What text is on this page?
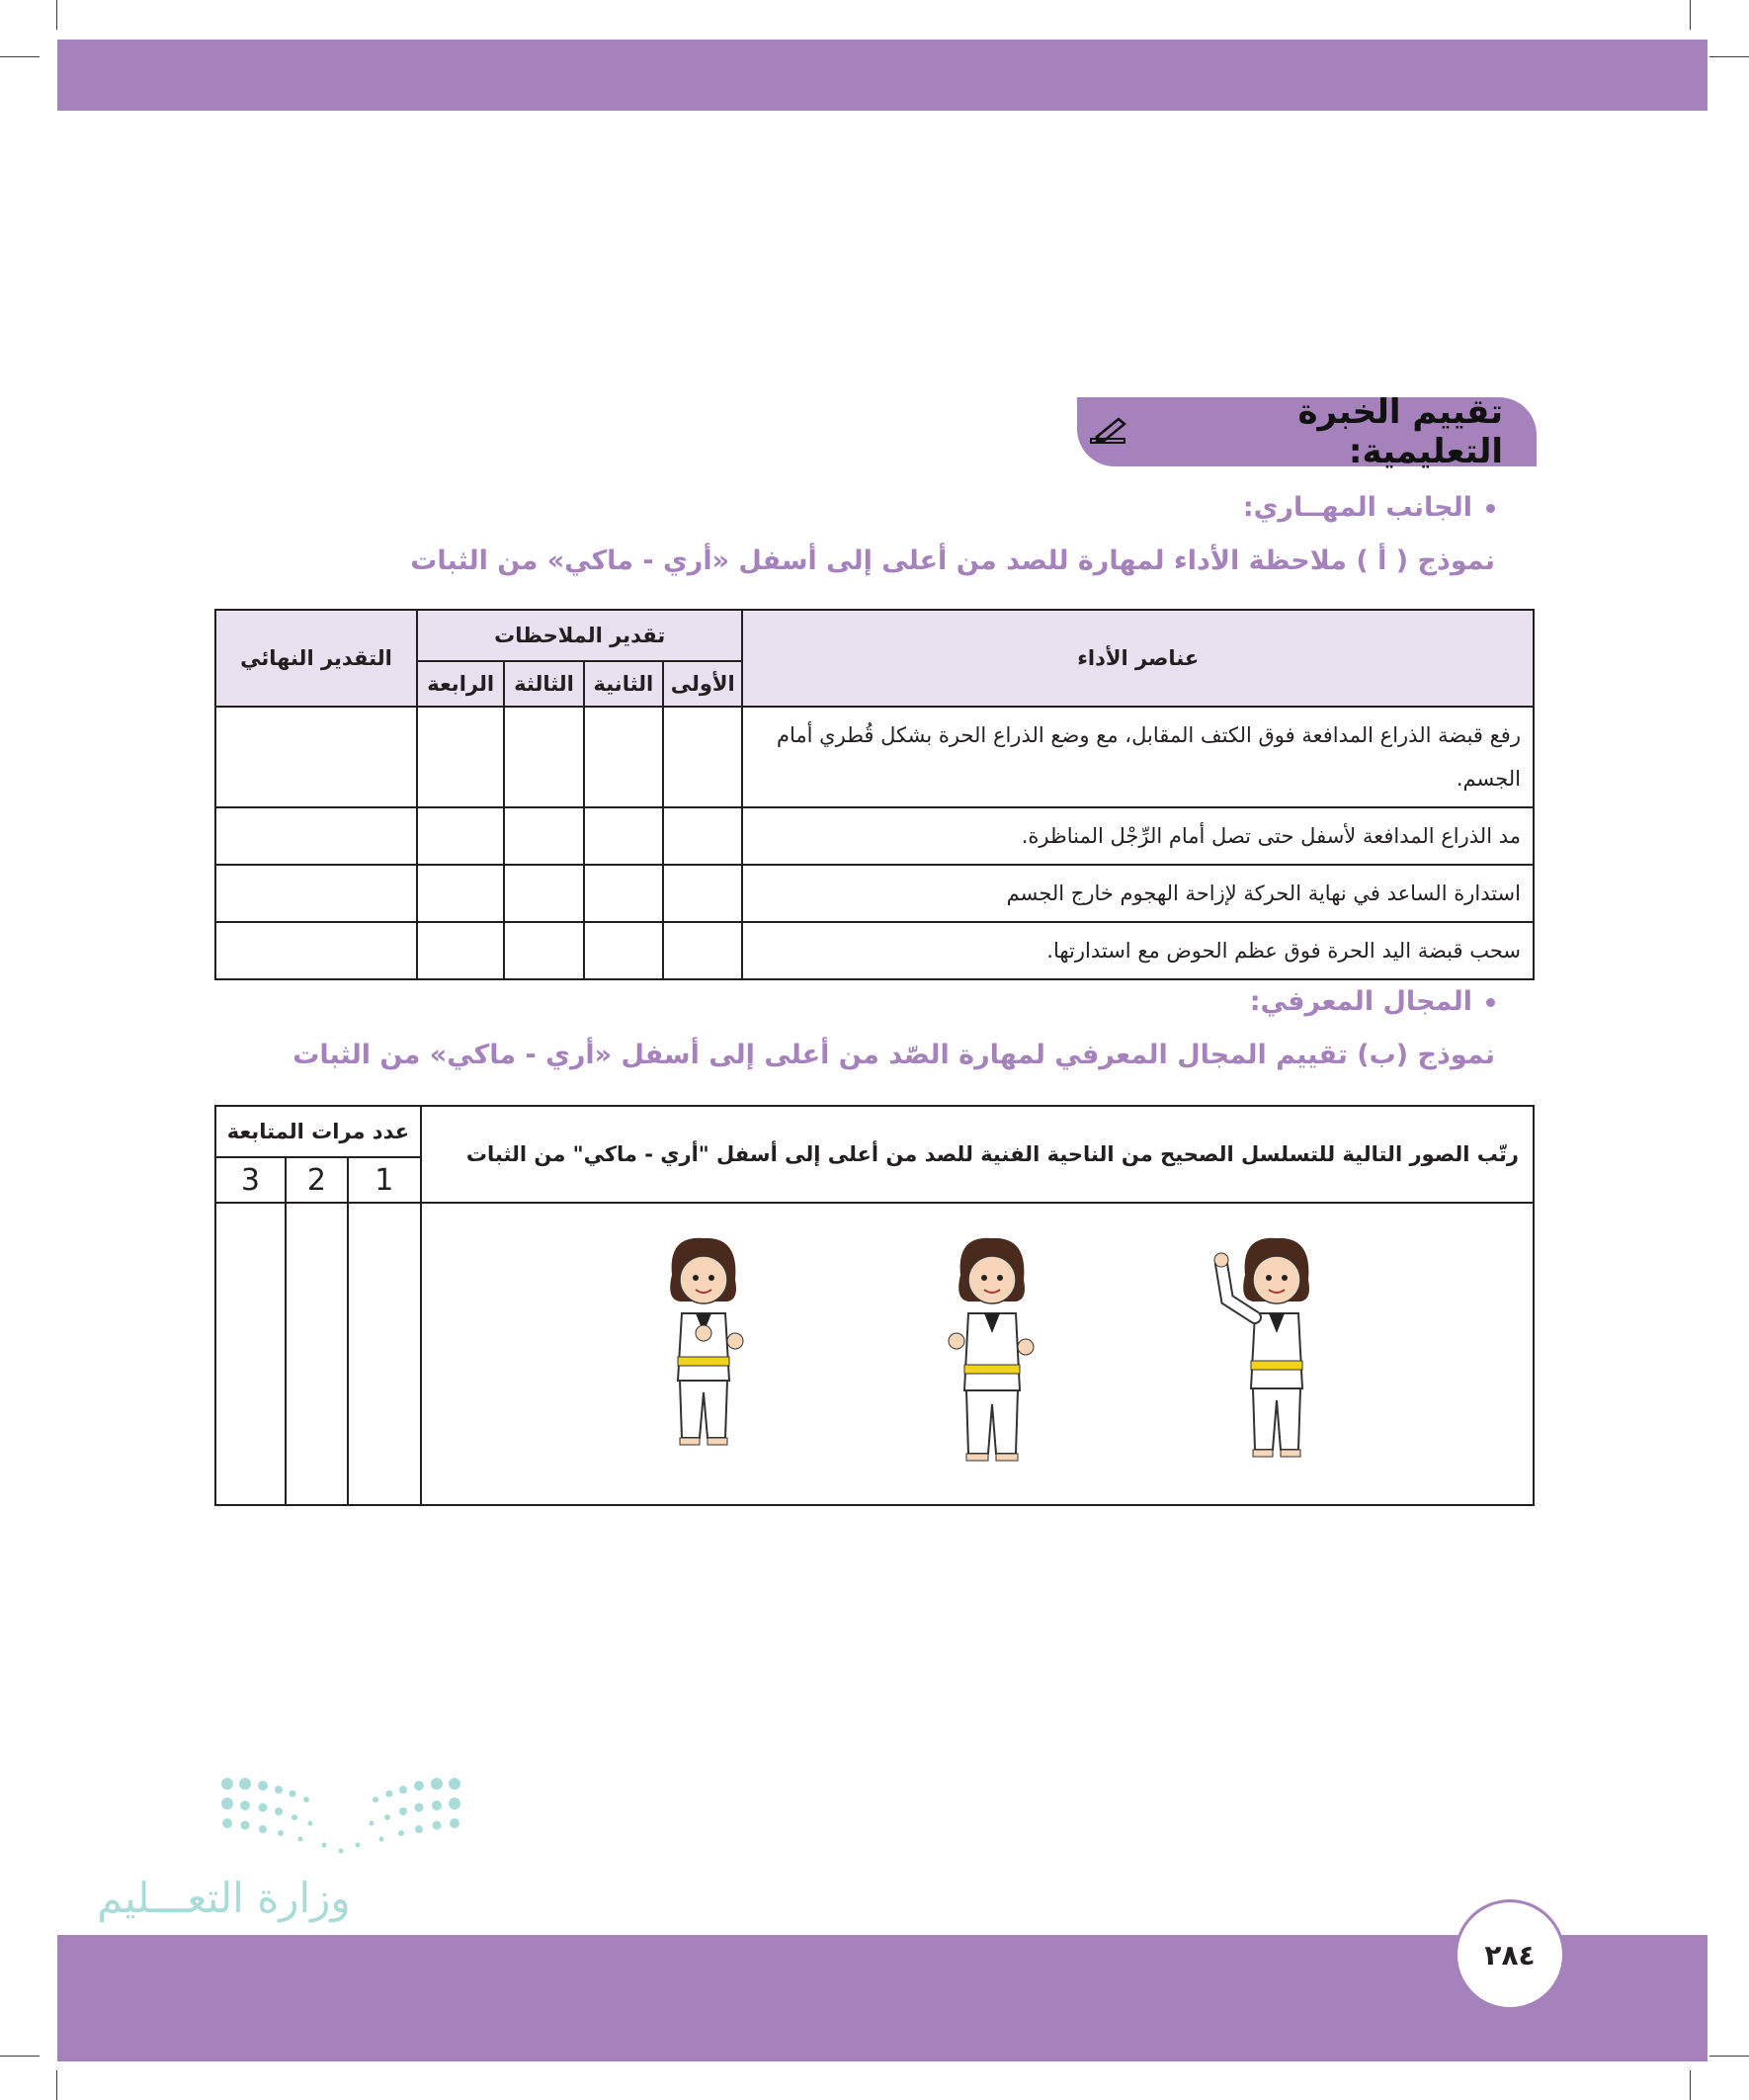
تقييم الخبرة التعليمية:
الجانب المهــاري:
نموذج ( أ ) ملاحظة الأداء لمهارة للصد من أعلى إلى أسفل «أري - ماكي» من الثبات
عناصر الأداء	تقدير الملاحظات				التقدير النهائي
	الأولى	الثانية	الثالثة	الرابعة	
رفع قبضة الذراع المدافعة فوق الكتف المقابل، مع وضع الذراع الحرة بشكل قُطري أمام الجسم.					
مد الذراع المدافعة لأسفل حتى تصل أمام الرِّجْل المناظرة.					
استدارة الساعد في نهاية الحركة لإزاحة الهجوم خارج الجسم					
سحب قبضة اليد الحرة فوق عظم الحوض مع استدارتها.					
المجال المعرفي:
نموذج (ب) تقييم المجال المعرفي لمهارة الصّد من أعلى إلى أسفل «أري - ماكي» من الثبات
رتّب الصور التالية للتسلسل الصحيح من الناحية الفنية للصد من أعلى إلى أسفل "أري - ماكي" من الثبات	عدد مرات المتابعة		
	1	2	3

وزارة التعـــليم
٢٨٤
